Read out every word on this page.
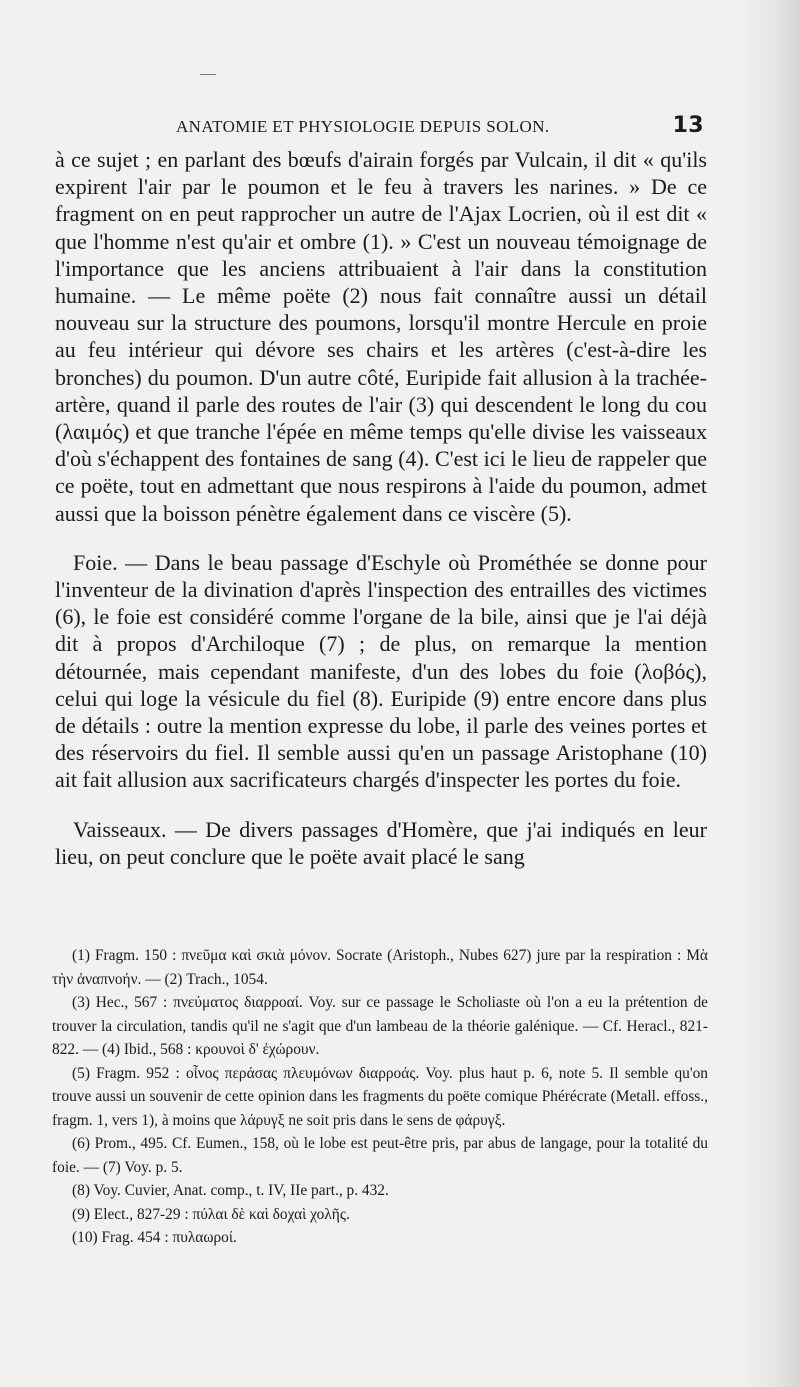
ANATOMIE ET PHYSIOLOGIE DEPUIS SOLON.	13

à ce sujet ; en parlant des bœufs d'airain forgés par Vulcain, il dit « qu'ils expirent l'air par le poumon et le feu à travers les narines. » De ce fragment on en peut rapprocher un autre de l'Ajax Locrien, où il est dit « que l'homme n'est qu'air et ombre (1). » C'est un nouveau témoignage de l'importance que les anciens attribuaient à l'air dans la constitution humaine. — Le même poëte (2) nous fait connaître aussi un détail nouveau sur la structure des poumons, lorsqu'il montre Hercule en proie au feu intérieur qui dévore ses chairs et les artères (c'est-à-dire les bronches) du poumon. D'un autre côté, Euripide fait allusion à la trachée-artère, quand il parle des routes de l'air (3) qui descendent le long du cou (λαιμός) et que tranche l'épée en même temps qu'elle divise les vaisseaux d'où s'échappent des fontaines de sang (4). C'est ici le lieu de rappeler que ce poëte, tout en admettant que nous respirons à l'aide du poumon, admet aussi que la boisson pénètre également dans ce viscère (5).

Foie. — Dans le beau passage d'Eschyle où Prométhée se donne pour l'inventeur de la divination d'après l'inspection des entrailles des victimes (6), le foie est considéré comme l'organe de la bile, ainsi que je l'ai déjà dit à propos d'Archiloque (7) ; de plus, on remarque la mention détournée, mais cependant manifeste, d'un des lobes du foie (λοβός), celui qui loge la vésicule du fiel (8). Euripide (9) entre encore dans plus de détails : outre la mention expresse du lobe, il parle des veines portes et des réservoirs du fiel. Il semble aussi qu'en un passage Aristophane (10) ait fait allusion aux sacrificateurs chargés d'inspecter les portes du foie.

Vaisseaux. — De divers passages d'Homère, que j'ai indiqués en leur lieu, on peut conclure que le poëte avait placé le sang

(1) Fragm. 150 : πνεῦμα καὶ σκιὰ μόνον. Socrate (Aristoph., Nubes 627) jure par la respiration : Μὰ τὴν ἀναπνοήν. — (2) Trach., 1054.

(3) Hec., 567 : πνεύματος διαρροαί. Voy. sur ce passage le Scholiaste où l'on a eu la prétention de trouver la circulation, tandis qu'il ne s'agit que d'un lambeau de la théorie galénique. — Cf. Heracl., 821-822. — (4) Ibid., 568 : κρουνοὶ δ' ἐχώρουν.

(5) Fragm. 952 : οἶνος περάσας πλευμόνων διαρροάς. Voy. plus haut p. 6, note 5. Il semble qu'on trouve aussi un souvenir de cette opinion dans les fragments du poëte comique Phérécrate (Metall. effoss., fragm. 1, vers 1), à moins que λάρυγξ ne soit pris dans le sens de φάρυγξ.

(6) Prom., 495. Cf. Eumen., 158, où le lobe est peut-être pris, par abus de langage, pour la totalité du foie. — (7) Voy. p. 5.

(8) Voy. Cuvier, Anat. comp., t. IV, IIe part., p. 432.

(9) Elect., 827-29 : πύλαι δὲ καὶ δοχαὶ χολῆς.

(10) Frag. 454 : πυλαωροί.
